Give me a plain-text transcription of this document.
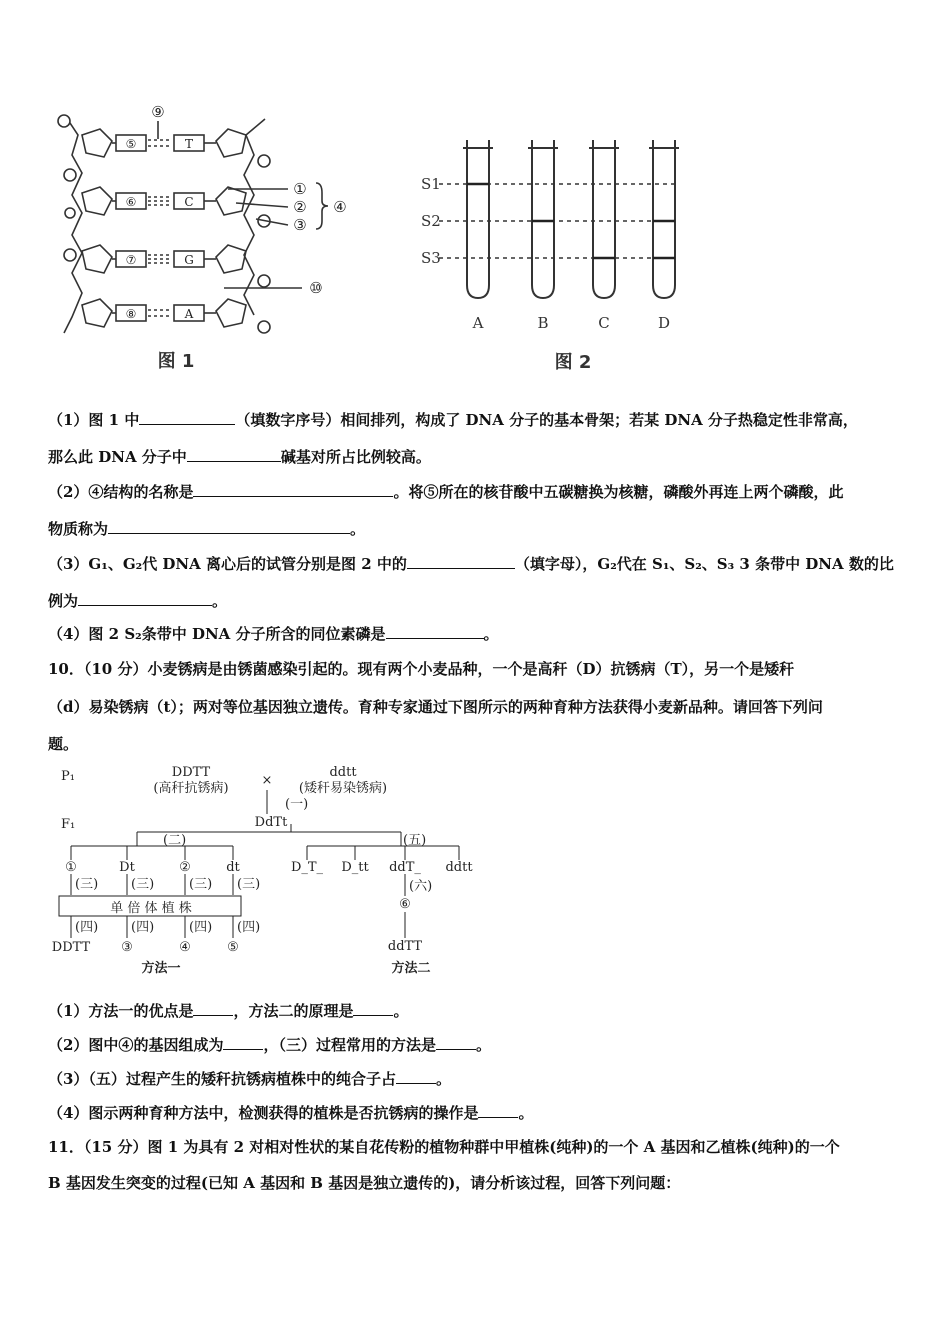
⑤
⑥
⑦
⑧
T
C
G
A
⑨
①
②
③
④
⑩
图 1
S1
S2
S3
A	B	C	D
图 2
（1）图 1 中	（填数字序号）相间排列，构成了 DNA 分子的基本骨架；若某 DNA 分子热稳定性非常高，
那么此 DNA 分子中	碱基对所占比例较高。
（2）④结构的名称是	。将⑤所在的核苷酸中五碳糖换为核糖，磷酸外再连上两个磷酸，此
物质称为	。
（3）G₁、G₂代 DNA 离心后的试管分别是图 2 中的	（填字母），G₂代在 S₁、S₂、S₃ 3 条带中 DNA 数的比
例为	。
（4）图 2 S₂条带中 DNA 分子所含的同位素磷是	。
10．（10 分）小麦锈病是由锈菌感染引起的。现有两个小麦品种，一个是高秆（D）抗锈病（T），另一个是矮秆
（d）易染锈病（t）；两对等位基因独立遗传。育种专家通过下图所示的两种育种方法获得小麦新品种。请回答下列问
题。
P₁
F₁
DDTT
(高秆抗锈病)
×
ddtt
(矮秆易染锈病)
(一)
DdTt
(二)	(五)
①	Dt	②	dt
(三)	(三)	(三) (三)
单 倍 体 植 株
(四)	(四)	(四) (四)
DDTT ③	④	⑤
方法一
D_T_ D_tt ddT_ ddtt
(六)
⑥
ddTT
方法二
（1）方法一的优点是	，方法二的原理是	。
（2）图中④的基因组成为	，（三）过程常用的方法是	。
（3）（五）过程产生的矮秆抗锈病植株中的纯合子占	。
（4）图示两种育种方法中，检测获得的植株是否抗锈病的操作是	。
11．（15 分）图 1 为具有 2 对相对性状的某自花传粉的植物种群中甲植株(纯种)的一个 A 基因和乙植株(纯种)的一个
B 基因发生突变的过程(已知 A 基因和 B 基因是独立遗传的)，请分析该过程，回答下列问题：
